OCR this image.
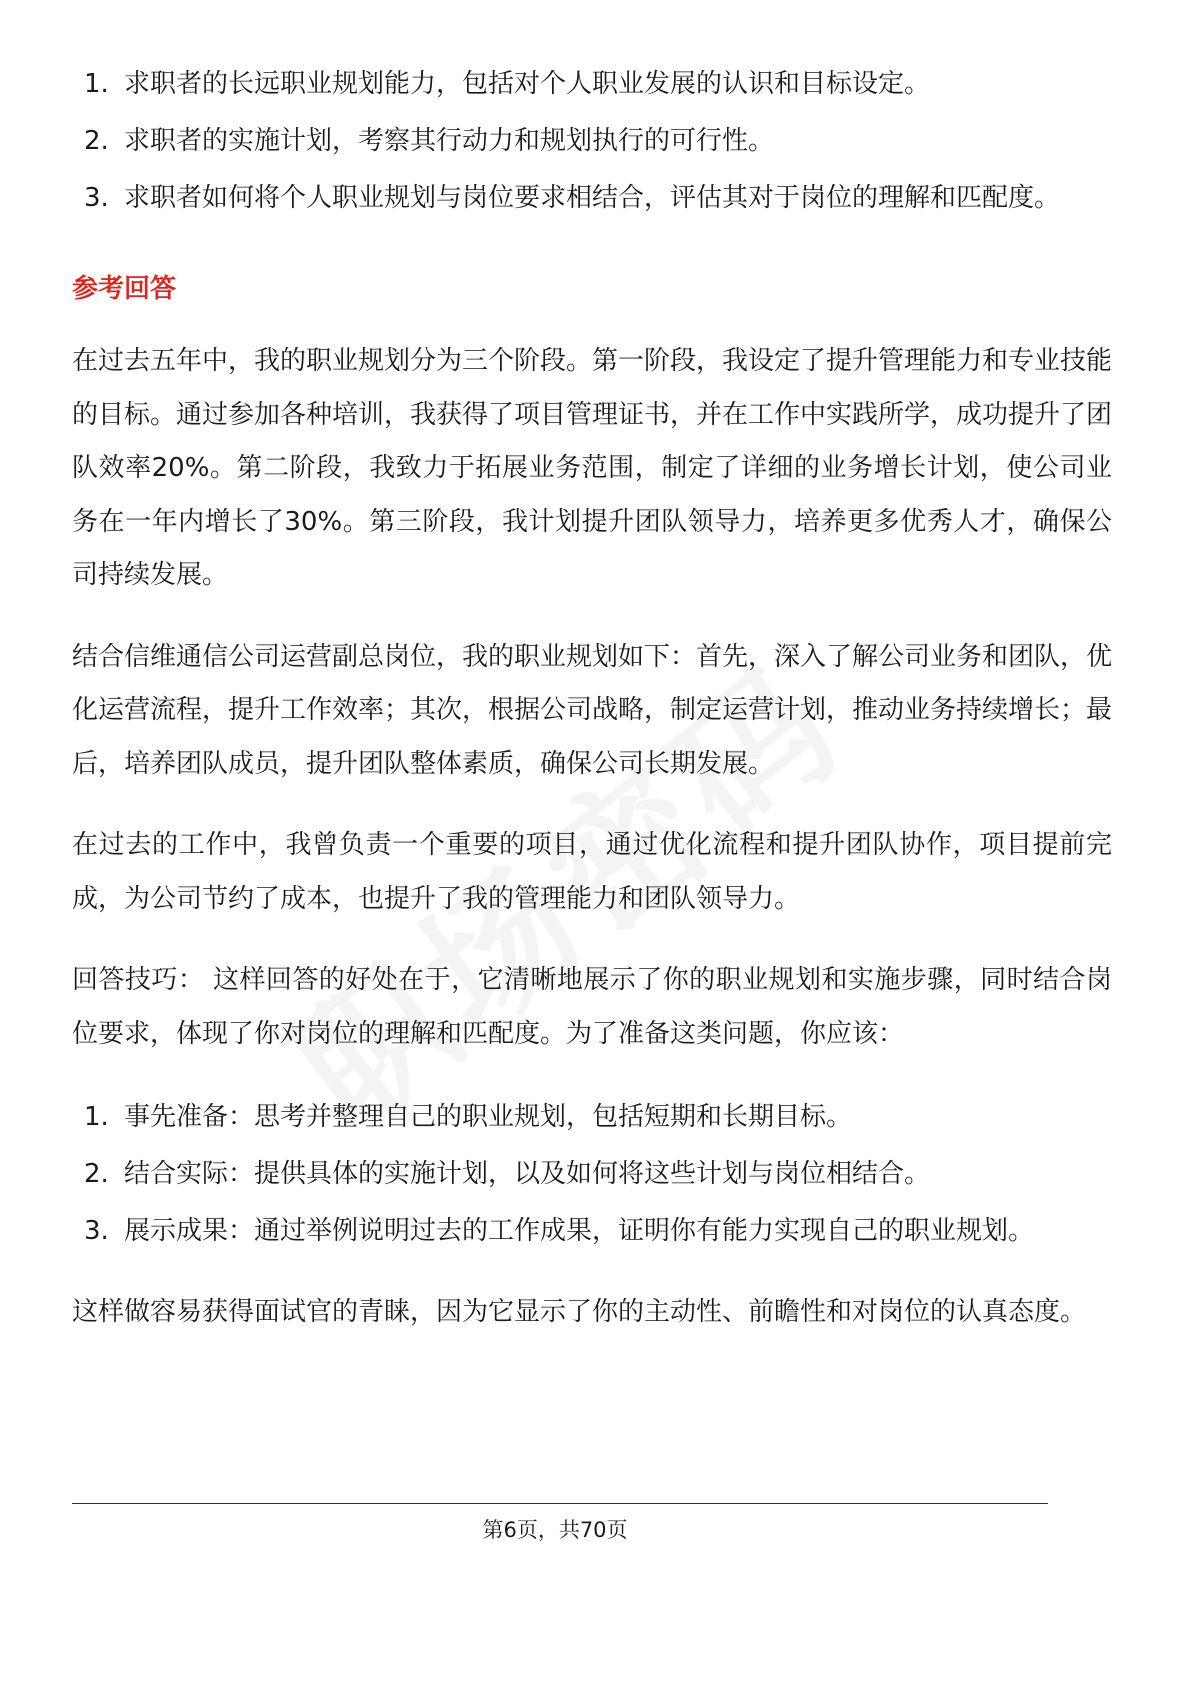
1. 求职者的长远职业规划能力，包括对个人职业发展的认识和目标设定。
2. 求职者的实施计划，考察其行动力和规划执行的可行性。
3. 求职者如何将个人职业规划与岗位要求相结合，评估其对于岗位的理解和匹配度。
参考回答

在过去五年中，我的职业规划分为三个阶段。第一阶段，我设定了提升管理能力和专业技能的目标。通过参加各种培训，我获得了项目管理证书，并在工作中实践所学，成功提升了团队效率20%。第二阶段，我致力于拓展业务范围，制定了详细的业务增长计划，使公司业务在一年内增长了30%。第三阶段，我计划提升团队领导力，培养更多优秀人才，确保公司持续发展。

结合信维通信公司运营副总岗位，我的职业规划如下：首先，深入了解公司业务和团队，优化运营流程，提升工作效率；其次，根据公司战略，制定运营计划，推动业务持续增长；最后，培养团队成员，提升团队整体素质，确保公司长期发展。

在过去的工作中，我曾负责一个重要的项目，通过优化流程和提升团队协作，项目提前完成，为公司节约了成本，也提升了我的管理能力和团队领导力。

回答技巧： 这样回答的好处在于，它清晰地展示了你的职业规划和实施步骤，同时结合岗位要求，体现了你对岗位的理解和匹配度。为了准备这类问题，你应该：

1. 事先准备：思考并整理自己的职业规划，包括短期和长期目标。
2. 结合实际：提供具体的实施计划，以及如何将这些计划与岗位相结合。
3. 展示成果：通过举例说明过去的工作成果，证明你有能力实现自己的职业规划。

这样做容易获得面试官的青睐，因为它显示了你的主动性、前瞻性和对岗位的认真态度。

第6页，共70页
